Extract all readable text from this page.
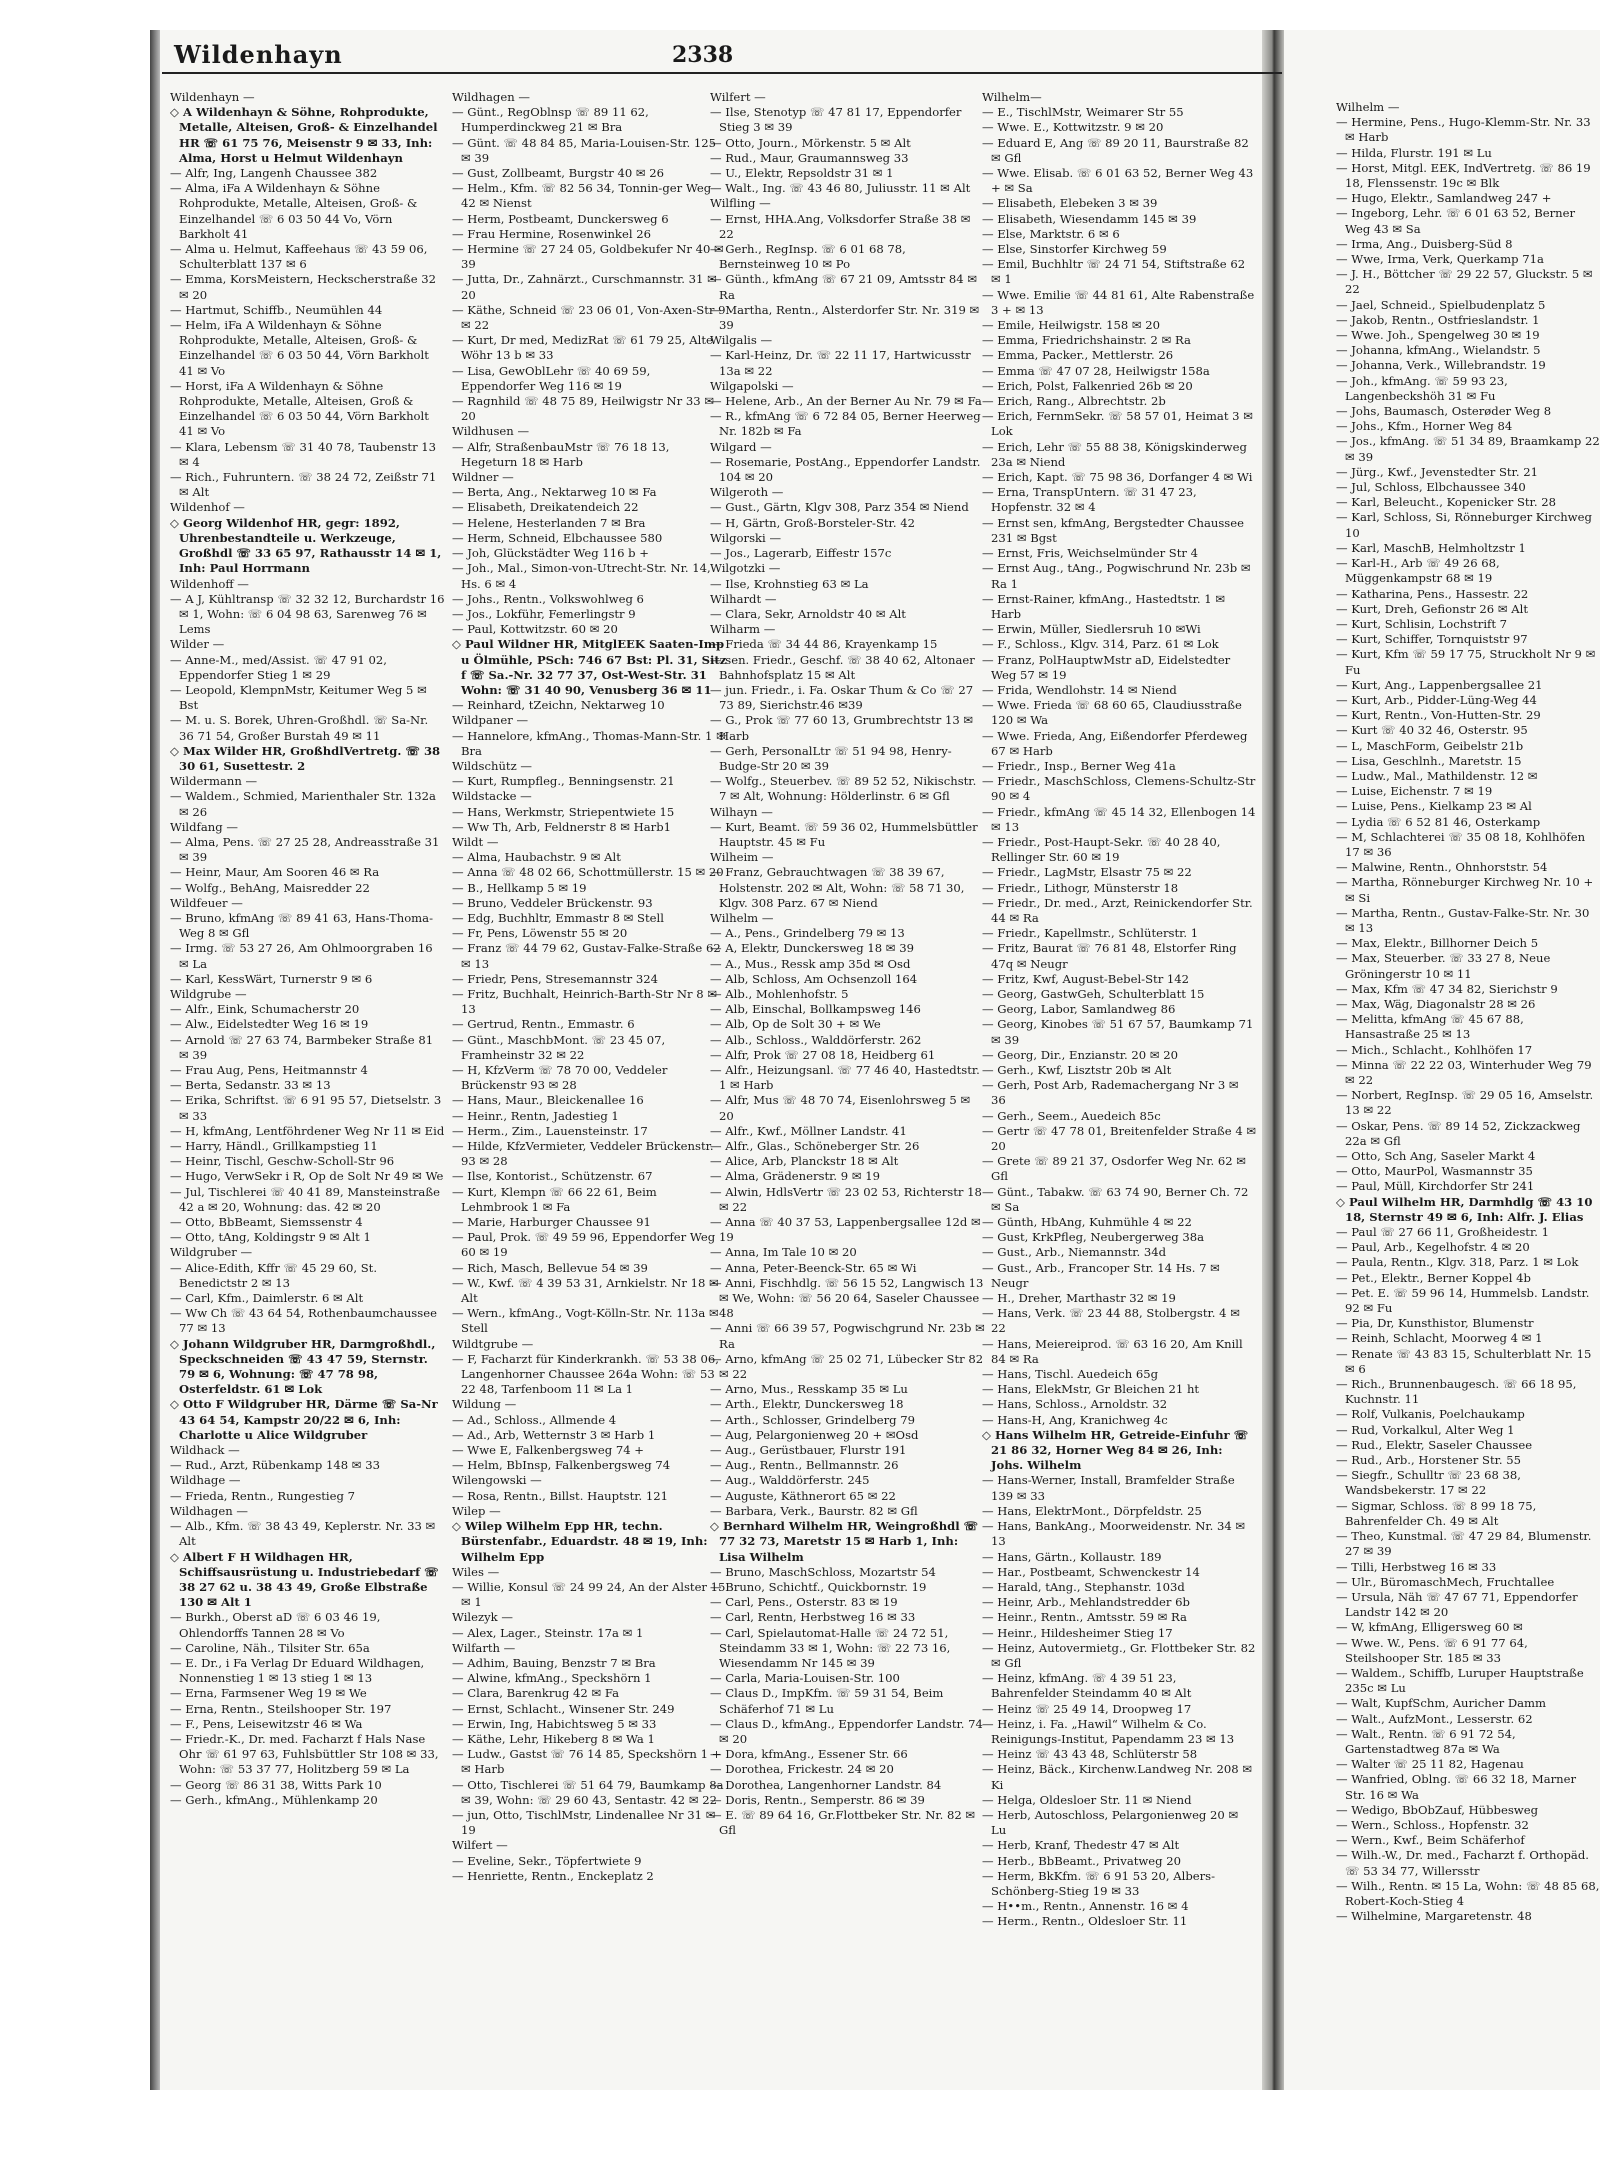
Wildenhayn	2338

Wildenhayn —

◇ A Wildenhayn & Söhne, Rohprodukte, Metalle, Alteisen, Groß- & Einzelhandel HR ☏ 61 75 76, Meisenstr 9 ✉ 33, Inh: Alma, Horst u Helmut Wildenhayn

— Alfr, Ing, Langenh Chaussee 382

— Alma, iFa A Wildenhayn & Söhne Rohprodukte, Metalle, Alteisen, Groß- & Einzelhandel ☏ 6 03 50 44 Vo, Vörn Barkholt 41

— Alma u. Helmut, Kaffeehaus ☏ 43 59 06, Schulterblatt 137 ✉ 6

— Emma, KorsMeistern, Heckscherstraße 32 ✉ 20

— Hartmut, Schiffb., Neumühlen 44

— Helm, iFa A Wildenhayn & Söhne Rohprodukte, Metalle, Alteisen, Groß- & Einzelhandel ☏ 6 03 50 44, Vörn Barkholt 41 ✉ Vo

— Horst, iFa A Wildenhayn & Söhne Rohprodukte, Metalle, Alteisen, Groß & Einzelhandel ☏ 6 03 50 44, Vörn Barkholt 41 ✉ Vo

— Klara, Lebensm ☏ 31 40 78, Taubenstr 13 ✉ 4

— Rich., Fuhruntern. ☏ 38 24 72, Zeißstr 71 ✉ Alt

Wildenhof —

◇ Georg Wildenhof HR, gegr: 1892, Uhrenbestandteile u. Werkzeuge, Großhdl ☏ 33 65 97, Rathausstr 14 ✉ 1, Inh: Paul Horrmann

Wildenhoff —

— A J, Kühltransp ☏ 32 32 12, Burchardstr 16 ✉ 1, Wohn: ☏ 6 04 98 63, Sarenweg 76 ✉ Lems

Wilder —

— Anne-M., med/Assist. ☏ 47 91 02, Eppendorfer Stieg 1 ✉ 29

— Leopold, KlempnMstr, Keitumer Weg 5 ✉ Bst

— M. u. S. Borek, Uhren-Großhdl. ☏ Sa-Nr. 36 71 54, Großer Burstah 49 ✉ 11

◇ Max Wilder HR, GroßhdlVertretg. ☏ 38 30 61, Susettestr. 2

Wildermann —

— Waldem., Schmied, Marienthaler Str. 132a ✉ 26

Wildfang —

— Alma, Pens. ☏ 27 25 28, Andreasstraße 31 ✉ 39

— Heinr, Maur, Am Sooren 46 ✉ Ra

— Wolfg., BehAng, Maisredder 22

Wildfeuer —

— Bruno, kfmAng ☏ 89 41 63, Hans-Thoma-Weg 8 ✉ Gfl

— Irmg. ☏ 53 27 26, Am Ohlmoorgraben 16 ✉ La

— Karl, KessWärt, Turnerstr 9 ✉ 6

Wildgrube —

— Alfr., Eink, Schumacherstr 20

— Alw., Eidelstedter Weg 16 ✉ 19

— Arnold ☏ 27 63 74, Barmbeker Straße 81 ✉ 39

— Frau Aug, Pens, Heitmannstr 4

— Berta, Sedanstr. 33 ✉ 13

— Erika, Schriftst. ☏ 6 91 95 57, Dietselstr. 3 ✉ 33

— H, kfmAng, Lentföhrdener Weg Nr 11 ✉ Eid

— Harry, Händl., Grillkampstieg 11

— Heinr, Tischl, Geschw-Scholl-Str 96

— Hugo, VerwSekr i R, Op de Solt Nr 49 ✉ We

— Jul, Tischlerei ☏ 40 41 89, Mansteinstraße 42 a ✉ 20, Wohnung: das. 42 ✉ 20

— Otto, BbBeamt, Siemssenstr 4

— Otto, tAng, Koldingstr 9 ✉ Alt 1

Wildgruber —

— Alice-Edith, Kffr ☏ 45 29 60, St. Benedictstr 2 ✉ 13

— Carl, Kfm., Daimlerstr. 6 ✉ Alt

— Ww Ch ☏ 43 64 54, Rothenbaumchaussee 77 ✉ 13

◇ Johann Wildgruber HR, Darmgroßhdl., Speckschneiden ☏ 43 47 59, Sternstr. 79 ✉ 6, Wohnung: ☏ 47 78 98, Osterfeldstr. 61 ✉ Lok

◇ Otto F Wildgruber HR, Därme ☏ Sa-Nr 43 64 54, Kampstr 20/22 ✉ 6, Inh: Charlotte u Alice Wildgruber

Wildhack —

— Rud., Arzt, Rübenkamp 148 ✉ 33

Wildhage —

— Frieda, Rentn., Rungestieg 7

Wildhagen —

— Alb., Kfm. ☏ 38 43 49, Keplerstr. Nr. 33 ✉ Alt

◇ Albert F H Wildhagen HR, Schiffsausrüstung u. Industriebedarf ☏ 38 27 62 u. 38 43 49, Große Elbstraße 130 ✉ Alt 1

— Burkh., Oberst aD ☏ 6 03 46 19, Ohlendorffs Tannen 28 ✉ Vo

— Caroline, Näh., Tilsiter Str. 65a

— E. Dr., i Fa Verlag Dr Eduard Wildhagen, Nonnenstieg 1 ✉ 13 stieg 1 ✉ 13

— Erna, Farmsener Weg 19 ✉ We

— Erna, Rentn., Steilshooper Str. 197

— F., Pens, Leisewitzstr 46 ✉ Wa

— Friedr.-K., Dr. med. Facharzt f Hals Nase Ohr ☏ 61 97 63, Fuhlsbüttler Str 108 ✉ 33, Wohn: ☏ 53 37 77, Holitzberg 59 ✉ La

— Georg ☏ 86 31 38, Witts Park 10

— Gerh., kfmAng., Mühlenkamp 20

Wildhagen —

— Günt., RegOblnsp ☏ 89 11 62, Humperdinckweg 21 ✉ Bra

— Günt. ☏ 48 84 85, Maria-Louisen-Str. 125 ✉ 39

— Gust, Zollbeamt, Burgstr 40 ✉ 26

— Helm., Kfm. ☏ 82 56 34, Tonnin-ger Weg 42 ✉ Nienst

— Herm, Postbeamt, Dunckersweg 6

— Frau Hermine, Rosenwinkel 26

— Hermine ☏ 27 24 05, Goldbekufer Nr 40 ✉ 39

— Jutta, Dr., Zahnärzt., Curschmannstr. 31 ✉ 20

— Käthe, Schneid ☏ 23 06 01, Von-Axen-Str 9 ✉ 22

— Kurt, Dr med, MedizRat ☏ 61 79 25, Alte Wöhr 13 b ✉ 33

— Lisa, GewOblLehr ☏ 40 69 59, Eppendorfer Weg 116 ✉ 19

— Ragnhild ☏ 48 75 89, Heilwigstr Nr 33 ✉ 20

Wildhusen —

— Alfr, StraßenbauMstr ☏ 76 18 13, Hegeturn 18 ✉ Harb

Wildner —

— Berta, Ang., Nektarweg 10 ✉ Fa

— Elisabeth, Dreikatendeich 22

— Helene, Hesterlanden 7 ✉ Bra

— Herm, Schneid, Elbchaussee 580

— Joh, Glückstädter Weg 116 b +

— Joh., Mal., Simon-von-Utrecht-Str. Nr. 14, Hs. 6 ✉ 4

— Johs., Rentn., Volkswohlweg 6

— Jos., Lokführ, Femerlingstr 9

— Paul, Kottwitzstr. 60 ✉ 20

◇ Paul Wildner HR, MitglEEK Saaten-Imp u Ölmühle, PSch: 746 67 Bst: Pl. 31, Sitz f ☏ Sa.-Nr. 32 77 37, Ost-West-Str. 31 Wohn: ☏ 31 40 90, Venusberg 36 ✉ 11

— Reinhard, tZeichn, Nektarweg 10

Wildpaner —

— Hannelore, kfmAng., Thomas-Mann-Str. 1 ✉ Bra

Wildschütz —

— Kurt, Rumpfleg., Benningsenstr. 21

Wildstacke —

— Hans, Werkmstr, Striepentwiete 15

— Ww Th, Arb, Feldnerstr 8 ✉ Harb1

Wildt —

— Alma, Haubachstr. 9 ✉ Alt

— Anna ☏ 48 02 66, Schottmüllerstr. 15 ✉ 20

— B., Hellkamp 5 ✉ 19

— Bruno, Veddeler Brückenstr. 93

— Edg, Buchhltr, Emmastr 8 ✉ Stell

— Fr, Pens, Löwenstr 55 ✉ 20

— Franz ☏ 44 79 62, Gustav-Falke-Straße 62 ✉ 13

— Friedr, Pens, Stresemannstr 324

— Fritz, Buchhalt, Heinrich-Barth-Str Nr 8 ✉ 13

— Gertrud, Rentn., Emmastr. 6

— Günt., MaschbMont. ☏ 23 45 07, Framheinstr 32 ✉ 22

— H, KfzVerm ☏ 78 70 00, Veddeler Brückenstr 93 ✉ 28

— Hans, Maur., Bleickenallee 16

— Heinr., Rentn, Jadestieg 1

— Herm., Zim., Lauensteinstr. 17

— Hilde, KfzVermieter, Veddeler Brückenstr. 93 ✉ 28

— Ilse, Kontorist., Schützenstr. 67

— Kurt, Klempn ☏ 66 22 61, Beim Lehmbrook 1 ✉ Fa

— Marie, Harburger Chaussee 91

— Paul, Prok. ☏ 49 59 96, Eppendorfer Weg 60 ✉ 19

— Rich, Masch, Bellevue 54 ✉ 39

— W., Kwf. ☏ 4 39 53 31, Arnkielstr. Nr 18 ✉ Alt

— Wern., kfmAng., Vogt-Kölln-Str. Nr. 113a ✉ Stell

Wildtgrube —

— F, Facharzt für Kinderkrankh. ☏ 53 38 06, Langenhorner Chaussee 264a Wohn: ☏ 53 22 48, Tarfenboom 11 ✉ La 1

Wildung —

— Ad., Schloss., Allmende 4

— Ad., Arb, Wetternstr 3 ✉ Harb 1

— Wwe E, Falkenbergsweg 74 +

— Helm, BbInsp, Falkenbergsweg 74

Wilengowski —

— Rosa, Rentn., Billst. Hauptstr. 121

Wilep —

◇ Wilep Wilhelm Epp HR, techn. Bürstenfabr., Eduardstr. 48 ✉ 19, Inh: Wilhelm Epp

Wiles —

— Willie, Konsul ☏ 24 99 24, An der Alster 15 ✉ 1

Wilezyk —

— Alex, Lager., Steinstr. 17a ✉ 1

Wilfarth —

— Adhim, Bauing, Benzstr 7 ✉ Bra

— Alwine, kfmAng., Speckshörn 1

— Clara, Barenkrug 42 ✉ Fa

— Ernst, Schlacht., Winsener Str. 249

— Erwin, Ing, Habichtsweg 5 ✉ 33

— Käthe, Lehr, Hikeberg 8 ✉ Wa 1

— Ludw., Gastst ☏ 76 14 85, Speckshörn 1 + ✉ Harb

— Otto, Tischlerei ☏ 51 64 79, Baumkamp 8a ✉ 39, Wohn: ☏ 29 60 43, Sentastr. 42 ✉ 22

— jun, Otto, TischlMstr, Lindenallee Nr 31 ✉ 19

Wilfert —

— Eveline, Sekr., Töpfertwiete 9

— Henriette, Rentn., Enckeplatz 2

Wilfert —

— Ilse, Stenotyp ☏ 47 81 17, Eppendorfer Stieg 3 ✉ 39

— Otto, Journ., Mörkenstr. 5 ✉ Alt

— Rud., Maur, Graumannsweg 33

— U., Elektr, Repsoldstr 31 ✉ 1

— Walt., Ing. ☏ 43 46 80, Juliusstr. 11 ✉ Alt

Wilfling —

— Ernst, HHA.Ang, Volksdorfer Straße 38 ✉ 22

— Gerh., RegInsp. ☏ 6 01 68 78, Bernsteinweg 10 ✉ Po

— Günth., kfmAng ☏ 67 21 09, Amtsstr 84 ✉ Ra

— Martha, Rentn., Alsterdorfer Str. Nr. 319 ✉ 39

Wilgalis —

— Karl-Heinz, Dr. ☏ 22 11 17, Hartwicusstr 13a ✉ 22

Wilgapolski —

— Helene, Arb., An der Berner Au Nr. 79 ✉ Fa

— R., kfmAng ☏ 6 72 84 05, Berner Heerweg Nr. 182b ✉ Fa

Wilgard —

— Rosemarie, PostAng., Eppendorfer Landstr. 104 ✉ 20

Wilgeroth —

— Gust., Gärtn, Klgv 308, Parz 354 ✉ Niend

— H, Gärtn, Groß-Borsteler-Str. 42

Wilgorski —

— Jos., Lagerarb, Eiffestr 157c

Wilgotzki —

— Ilse, Krohnstieg 63 ✉ La

Wilhardt —

— Clara, Sekr, Arnoldstr 40 ✉ Alt

Wilharm —

— Frieda ☏ 34 44 86, Krayenkamp 15

— sen. Friedr., Geschf. ☏ 38 40 62, Altonaer Bahnhofsplatz 15 ✉ Alt

— jun. Friedr., i. Fa. Oskar Thum & Co ☏ 27 73 89, Sierichstr.46 ✉39

— G., Prok ☏ 77 60 13, Grumbrechtstr 13 ✉ Harb

— Gerh, PersonalLtr ☏ 51 94 98, Henry-Budge-Str 20 ✉ 39

— Wolfg., Steuerbev. ☏ 89 52 52, Nikischstr. 7 ✉ Alt, Wohnung: Hölderlinstr. 6 ✉ Gfl

Wilhayn —

— Kurt, Beamt. ☏ 59 36 02, Hummelsbüttler Hauptstr. 45 ✉ Fu

Wilheim —

— Franz, Gebrauchtwagen ☏ 38 39 67, Holstenstr. 202 ✉ Alt, Wohn: ☏ 58 71 30, Klgv. 308 Parz. 67 ✉ Niend

Wilhelm —

— A., Pens., Grindelberg 79 ✉ 13

— A, Elektr, Dunckersweg 18 ✉ 39

— A., Mus., Ressk amp 35d ✉ Osd

— Alb, Schloss, Am Ochsenzoll 164

— Alb., Mohlenhofstr. 5

— Alb, Einschal, Bollkampsweg 146

— Alb, Op de Solt 30 + ✉ We

— Alb., Schloss., Walddörferstr. 262

— Alfr, Prok ☏ 27 08 18, Heidberg 61

— Alfr., Heizungsanl. ☏ 77 46 40, Hastedtstr. 1 ✉ Harb

— Alfr, Mus ☏ 48 70 74, Eisenlohrsweg 5 ✉ 20

— Alfr., Kwf., Möllner Landstr. 41

— Alfr., Glas., Schöneberger Str. 26

— Alice, Arb, Planckstr 18 ✉ Alt

— Alma, Grädenerstr. 9 ✉ 19

— Alwin, HdlsVertr ☏ 23 02 53, Richterstr 18 ✉ 22

— Anna ☏ 40 37 53, Lappenbergsallee 12d ✉ 19

— Anna, Im Tale 10 ✉ 20

— Anna, Peter-Beenck-Str. 65 ✉ Wi

— Anni, Fischhdlg. ☏ 56 15 52, Langwisch 13 ✉ We, Wohn: ☏ 56 20 64, Saseler Chaussee 48

— Anni ☏ 66 39 57, Pogwischgrund Nr. 23b ✉ Ra

— Arno, kfmAng ☏ 25 02 71, Lübecker Str 82 ✉ 22

— Arno, Mus., Resskamp 35 ✉ Lu

— Arth., Elektr, Dunckersweg 18

— Arth., Schlosser, Grindelberg 79

— Aug, Pelargonienweg 20 + ✉Osd

— Aug., Gerüstbauer, Flurstr 191

— Aug., Rentn., Bellmannstr. 26

— Aug., Walddörferstr. 245

— Auguste, Käthnerort 65 ✉ 22

— Barbara, Verk., Baurstr. 82 ✉ Gfl

◇ Bernhard Wilhelm HR, Weingroßhdl ☏ 77 32 73, Maretstr 15 ✉ Harb 1, Inh: Lisa Wilhelm

— Bruno, MaschSchloss, Mozartstr 54

— Bruno, Schichtf., Quickbornstr. 19

— Carl, Pens., Osterstr. 83 ✉ 19

— Carl, Rentn, Herbstweg 16 ✉ 33

— Carl, Spielautomat-Halle ☏ 24 72 51, Steindamm 33 ✉ 1, Wohn: ☏ 22 73 16, Wiesendamm Nr 145 ✉ 39

— Carla, Maria-Louisen-Str. 100

— Claus D., ImpKfm. ☏ 59 31 54, Beim Schäferhof 71 ✉ Lu

— Claus D., kfmAng., Eppendorfer Landstr. 74 ✉ 20

— Dora, kfmAng., Essener Str. 66

— Dorothea, Frickestr. 24 ✉ 20

— Dorothea, Langenhorner Landstr. 84

— Doris, Rentn., Semperstr. 86 ✉ 39

— E. ☏ 89 64 16, Gr.Flottbeker Str. Nr. 82 ✉ Gfl

Wilhelm—

— E., TischlMstr, Weimarer Str 55

— Wwe. E., Kottwitzstr. 9 ✉ 20

— Eduard E, Ang ☏ 89 20 11, Baurstraße 82 ✉ Gfl

— Wwe. Elisab. ☏ 6 01 63 52, Berner Weg 43 + ✉ Sa

— Elisabeth, Elebeken 3 ✉ 39

— Elisabeth, Wiesendamm 145 ✉ 39

— Else, Marktstr. 6 ✉ 6

— Else, Sinstorfer Kirchweg 59

— Emil, Buchhltr ☏ 24 71 54, Stiftstraße 62 ✉ 1

— Wwe. Emilie ☏ 44 81 61, Alte Rabenstraße 3 + ✉ 13

— Emile, Heilwigstr. 158 ✉ 20

— Emma, Friedrichshainstr. 2 ✉ Ra

— Emma, Packer., Mettlerstr. 26

— Emma ☏ 47 07 28, Heilwigstr 158a

— Erich, Polst, Falkenried 26b ✉ 20

— Erich, Rang., Albrechtstr. 2b

— Erich, FernmSekr. ☏ 58 57 01, Heimat 3 ✉ Lok

— Erich, Lehr ☏ 55 88 38, Königskinderweg 23a ✉ Niend

— Erich, Kapt. ☏ 75 98 36, Dorfanger 4 ✉ Wi

— Erna, TranspUntern. ☏ 31 47 23, Hopfenstr. 32 ✉ 4

— Ernst sen, kfmAng, Bergstedter Chaussee 231 ✉ Bgst

— Ernst, Fris, Weichselmünder Str 4

— Ernst Aug., tAng., Pogwischrund Nr. 23b ✉ Ra 1

— Ernst-Rainer, kfmAng., Hastedtstr. 1 ✉ Harb

— Erwin, Müller, Siedlersruh 10 ✉Wi

— F., Schloss., Klgv. 314, Parz. 61 ✉ Lok

— Franz, PolHauptwMstr aD, Eidelstedter Weg 57 ✉ 19

— Frida, Wendlohstr. 14 ✉ Niend

— Wwe. Frieda ☏ 68 60 65, Claudiusstraße 120 ✉ Wa

— Wwe. Frieda, Ang, Eißendorfer Pferdeweg 67 ✉ Harb

— Friedr., Insp., Berner Weg 41a

— Friedr., MaschSchloss, Clemens-Schultz-Str 90 ✉ 4

— Friedr., kfmAng ☏ 45 14 32, Ellenbogen 14 ✉ 13

— Friedr., Post-Haupt-Sekr. ☏ 40 28 40, Rellinger Str. 60 ✉ 19

— Friedr., LagMstr, Elsastr 75 ✉ 22

— Friedr., Lithogr, Münsterstr 18

— Friedr., Dr. med., Arzt, Reinickendorfer Str. 44 ✉ Ra

— Friedr., Kapellmstr., Schlüterstr. 1

— Fritz, Baurat ☏ 76 81 48, Elstorfer Ring 47q ✉ Neugr

— Fritz, Kwf, August-Bebel-Str 142

— Georg, GastwGeh, Schulterblatt 15

— Georg, Labor, Samlandweg 86

— Georg, Kinobes ☏ 51 67 57, Baumkamp 71 ✉ 39

— Georg, Dir., Enzianstr. 20 ✉ 20

— Gerh., Kwf, Lisztstr 20b ✉ Alt

— Gerh, Post Arb, Rademachergang Nr 3 ✉ 36

— Gerh., Seem., Auedeich 85c

— Gertr ☏ 47 78 01, Breitenfelder Straße 4 ✉ 20

— Grete ☏ 89 21 37, Osdorfer Weg Nr. 62 ✉ Gfl

— Günt., Tabakw. ☏ 63 74 90, Berner Ch. 72 ✉ Sa

— Günth, HbAng, Kuhmühle 4 ✉ 22

— Gust, KrkPfleg, Neubergerweg 38a

— Gust., Arb., Niemannstr. 34d

— Gust., Arb., Francoper Str. 14 Hs. 7 ✉ Neugr

— H., Dreher, Marthastr 32 ✉ 19

— Hans, Verk. ☏ 23 44 88, Stolbergstr. 4 ✉ 22

— Hans, Meiereiprod. ☏ 63 16 20, Am Knill 84 ✉ Ra

— Hans, Tischl. Auedeich 65g

— Hans, ElekMstr, Gr Bleichen 21 ht

— Hans, Schloss., Arnoldstr. 32

— Hans-H, Ang, Kranichweg 4c

◇ Hans Wilhelm HR, Getreide-Einfuhr ☏ 21 86 32, Horner Weg 84 ✉ 26, Inh: Johs. Wilhelm

— Hans-Werner, Install, Bramfelder Straße 139 ✉ 33

— Hans, ElektrMont., Dörpfeldstr. 25

— Hans, BankAng., Moorweidenstr. Nr. 34 ✉ 13

— Hans, Gärtn., Kollaustr. 189

— Har., Postbeamt, Schwenckestr 14

— Harald, tAng., Stephanstr. 103d

— Heinr, Arb., Mehlandstredder 6b

— Heinr., Rentn., Amtsstr. 59 ✉ Ra

— Heinr., Hildesheimer Stieg 17

— Heinz, Autovermietg., Gr. Flottbeker Str. 82 ✉ Gfl

— Heinz, kfmAng. ☏ 4 39 51 23, Bahrenfelder Steindamm 40 ✉ Alt

— Heinz ☏ 25 49 14, Droopweg 17

— Heinz, i. Fa. „Hawil“ Wilhelm & Co. Reinigungs-Institut, Papendamm 23 ✉ 13

— Heinz ☏ 43 43 48, Schlüterstr 58

— Heinz, Bäck., Kirchenw.Landweg Nr. 208 ✉ Ki

— Helga, Oldesloer Str. 11 ✉ Niend

— Herb, Autoschloss, Pelargonienweg 20 ✉ Lu

— Herb, Kranf, Thedestr 47 ✉ Alt

— Herb., BbBeamt., Privatweg 20

— Herm, BkKfm. ☏ 6 91 53 20, Albers-Schönberg-Stieg 19 ✉ 33

— H••m., Rentn., Annenstr. 16 ✉ 4

— Herm., Rentn., Oldesloer Str. 11

Wilhelm —

— Hermine, Pens., Hugo-Klemm-Str. Nr. 33 ✉ Harb

— Hilda, Flurstr. 191 ✉ Lu

— Horst, Mitgl. EEK, IndVertretg. ☏ 86 19 18, Flenssenstr. 19c ✉ Blk

— Hugo, Elektr., Samlandweg 247 +

— Ingeborg, Lehr. ☏ 6 01 63 52, Berner Weg 43 ✉ Sa

— Irma, Ang., Duisberg-Süd 8

— Wwe, Irma, Verk, Querkamp 71a

— J. H., Böttcher ☏ 29 22 57, Gluckstr. 5 ✉ 22

— Jael, Schneid., Spielbudenplatz 5

— Jakob, Rentn., Ostfrieslandstr. 1

— Wwe. Joh., Spengelweg 30 ✉ 19

— Johanna, kfmAng., Wielandstr. 5

— Johanna, Verk., Willebrandstr. 19

— Joh., kfmAng. ☏ 59 93 23, Langenbeckshöh 31 ✉ Fu

— Johs, Baumasch, Osterøder Weg 8

— Johs., Kfm., Horner Weg 84

— Jos., kfmAng. ☏ 51 34 89, Braamkamp 22 ✉ 39

— Jürg., Kwf., Jevenstedter Str. 21

— Jul, Schloss, Elbchaussee 340

— Karl, Beleucht., Kopenicker Str. 28

— Karl, Schloss, Si, Rönneburger Kirchweg 10

— Karl, MaschB, Helmholtzstr 1

— Karl-H., Arb ☏ 49 26 68, Müggenkampstr 68 ✉ 19

— Katharina, Pens., Hassestr. 22

— Kurt, Dreh, Gefionstr 26 ✉ Alt

— Kurt, Schlisin, Lochstrift 7

— Kurt, Schiffer, Tornquiststr 97

— Kurt, Kfm ☏ 59 17 75, Struckholt Nr 9 ✉ Fu

— Kurt, Ang., Lappenbergsallee 21

— Kurt, Arb., Pidder-Lüng-Weg 44

— Kurt, Rentn., Von-Hutten-Str. 29

— Kurt ☏ 40 32 46, Osterstr. 95

— L, MaschForm, Geibelstr 21b

— Lisa, Geschlnh., Maretstr. 15

— Ludw., Mal., Mathildenstr. 12 ✉

— Luise, Eichenstr. 7 ✉ 19

— Luise, Pens., Kielkamp 23 ✉ Al

— Lydia ☏ 6 52 81 46, Osterkamp

— M, Schlachterei ☏ 35 08 18, Kohlhöfen 17 ✉ 36

— Malwine, Rentn., Ohnhorststr. 54

— Martha, Rönneburger Kirchweg Nr. 10 + ✉ Si

— Martha, Rentn., Gustav-Falke-Str. Nr. 30 ✉ 13

— Max, Elektr., Billhorner Deich 5

— Max, Steuerber. ☏ 33 27 8, Neue Gröningerstr 10 ✉ 11

— Max, Kfm ☏ 47 34 82, Sierichstr 9

— Max, Wäg, Diagonalstr 28 ✉ 26

— Melitta, kfmAng ☏ 45 67 88, Hansastraße 25 ✉ 13

— Mich., Schlacht., Kohlhöfen 17

— Minna ☏ 22 22 03, Winterhuder Weg 79 ✉ 22

— Norbert, RegInsp. ☏ 29 05 16, Amselstr. 13 ✉ 22

— Oskar, Pens. ☏ 89 14 52, Zickzackweg 22a ✉ Gfl

— Otto, Sch Ang, Saseler Markt 4

— Otto, MaurPol, Wasmannstr 35

— Paul, Müll, Kirchdorfer Str 241

◇ Paul Wilhelm HR, Darmhdlg ☏ 43 10 18, Sternstr 49 ✉ 6, Inh: Alfr. J. Elias

— Paul ☏ 27 66 11, Großheidestr. 1

— Paul, Arb., Kegelhofstr. 4 ✉ 20

— Paula, Rentn., Klgv. 318, Parz. 1 ✉ Lok

— Pet., Elektr., Berner Koppel 4b

— Pet. E. ☏ 59 96 14, Hummelsb. Landstr. 92 ✉ Fu

— Pia, Dr, Kunsthistor, Blumenstr

— Reinh, Schlacht, Moorweg 4 ✉ 1

— Renate ☏ 43 83 15, Schulterblatt Nr. 15 ✉ 6

— Rich., Brunnenbaugesch. ☏ 66 18 95, Kuchnstr. 11

— Rolf, Vulkanis, Poelchaukamp

— Rud, Vorkalkul, Alter Weg 1

— Rud., Elektr, Saseler Chaussee

— Rud., Arb., Horstener Str. 55

— Siegfr., Schulltr ☏ 23 68 38, Wandsbekerstr. 17 ✉ 22

— Sigmar, Schloss. ☏ 8 99 18 75, Bahrenfelder Ch. 49 ✉ Alt

— Theo, Kunstmal. ☏ 47 29 84, Blumenstr. 27 ✉ 39

— Tilli, Herbstweg 16 ✉ 33

— Ulr., BüromaschMech, Fruchtallee

— Ursula, Näh ☏ 47 67 71, Eppendorfer Landstr 142 ✉ 20

— W, kfmAng, Elligersweg 60 ✉

— Wwe. W., Pens. ☏ 6 91 77 64, Steilshooper Str. 185 ✉ 33

— Waldem., Schiffb, Luruper Hauptstraße 235c ✉ Lu

— Walt, KupfSchm, Auricher Damm

— Walt., AufzMont., Lesserstr. 62

— Walt., Rentn. ☏ 6 91 72 54, Gartenstadtweg 87a ✉ Wa

— Walter ☏ 25 11 82, Hagenau

— Wanfried, Oblng. ☏ 66 32 18, Marner Str. 16 ✉ Wa

— Wedigo, BbObZauf, Hübbesweg

— Wern., Schloss., Hopfenstr. 32

— Wern., Kwf., Beim Schäferhof

— Wilh.-W., Dr. med., Facharzt f. Orthopäd. ☏ 53 34 77, Willersstr

— Wilh., Rentn. ✉ 15 La, Wohn: ☏ 48 85 68, Robert-Koch-Stieg 4

— Wilhelmine, Margaretenstr. 48
